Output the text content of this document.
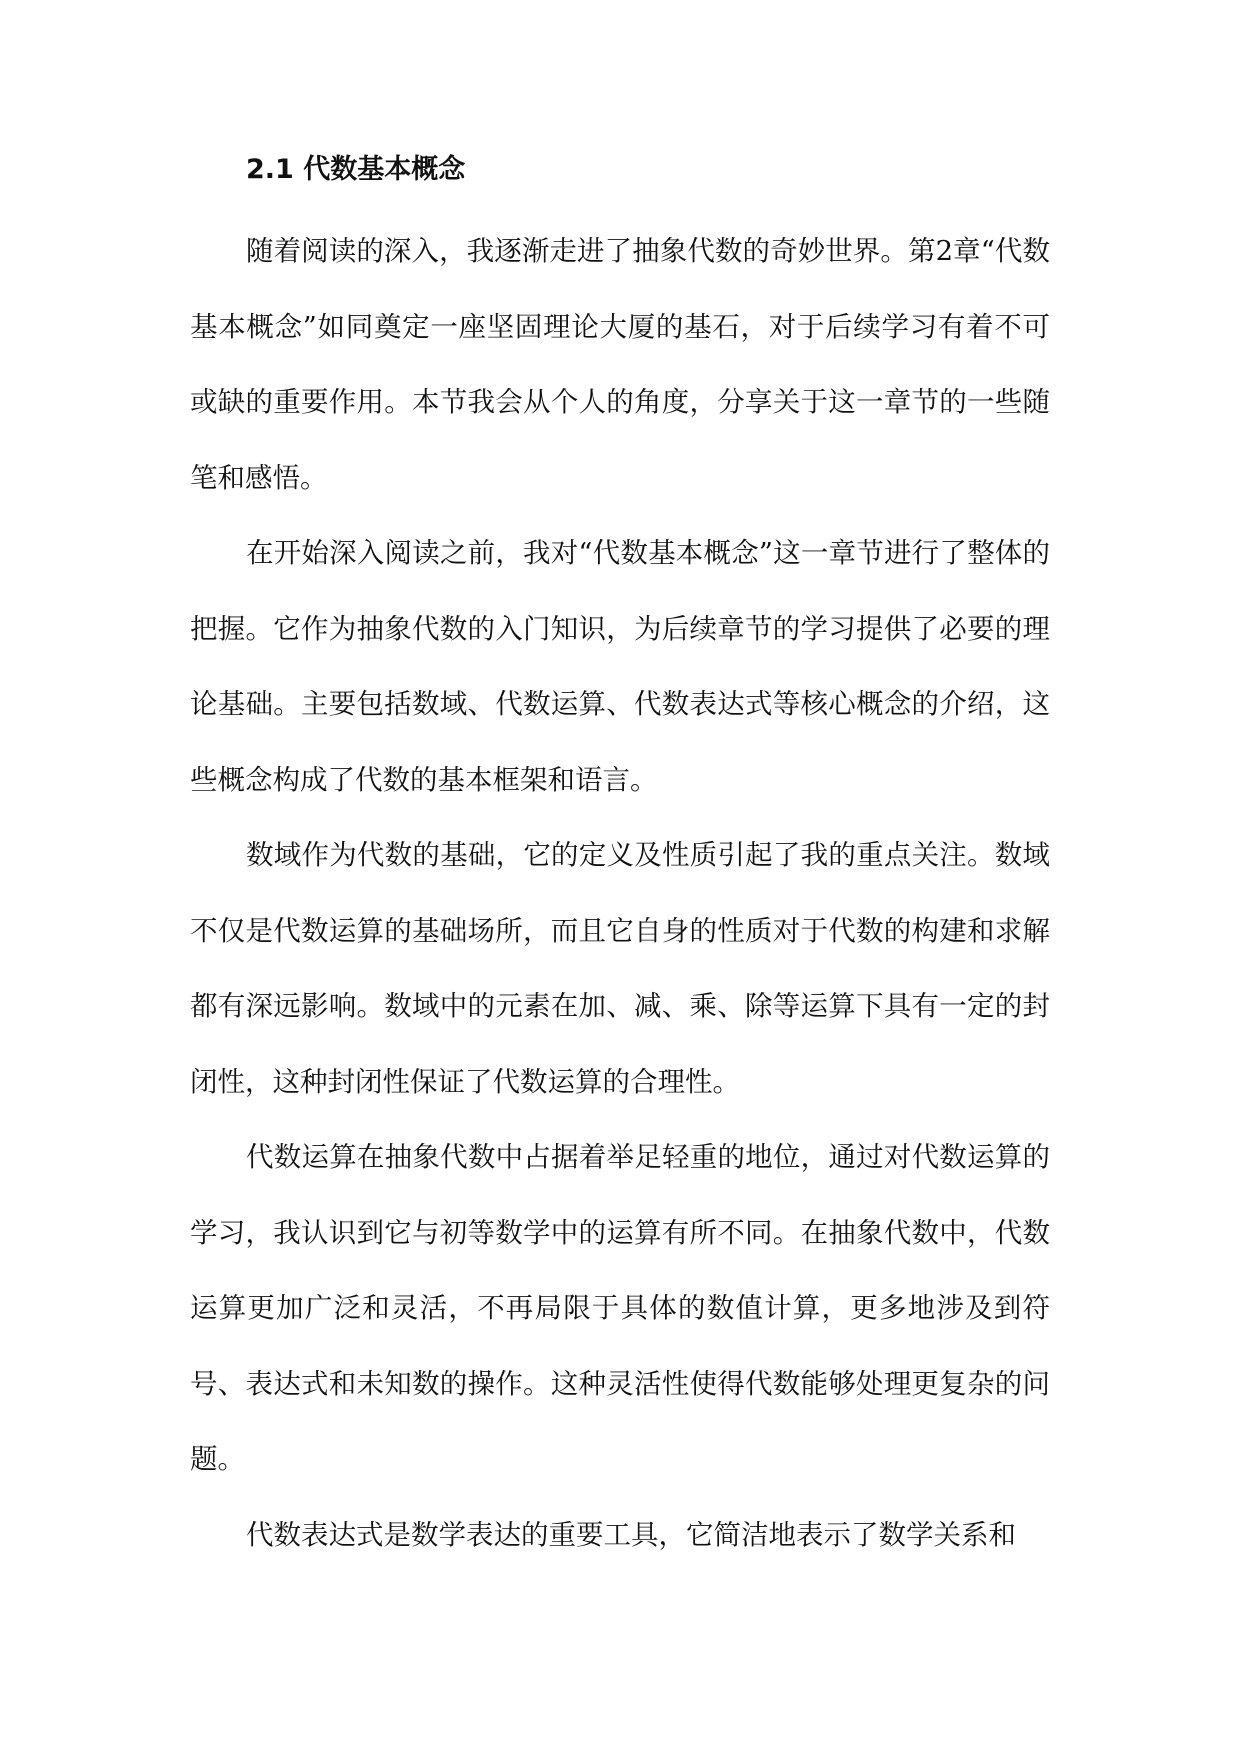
2.1 代数基本概念

随着阅读的深入，我逐渐走进了抽象代数的奇妙世界。第2章“代数基本概念”如同奠定一座坚固理论大厦的基石，对于后续学习有着不可或缺的重要作用。本节我会从个人的角度，分享关于这一章节的一些随笔和感悟。

在开始深入阅读之前，我对“代数基本概念”这一章节进行了整体的把握。它作为抽象代数的入门知识，为后续章节的学习提供了必要的理论基础。主要包括数域、代数运算、代数表达式等核心概念的介绍，这些概念构成了代数的基本框架和语言。

数域作为代数的基础，它的定义及性质引起了我的重点关注。数域不仅是代数运算的基础场所，而且它自身的性质对于代数的构建和求解都有深远影响。数域中的元素在加、减、乘、除等运算下具有一定的封闭性，这种封闭性保证了代数运算的合理性。

代数运算在抽象代数中占据着举足轻重的地位，通过对代数运算的学习，我认识到它与初等数学中的运算有所不同。在抽象代数中，代数运算更加广泛和灵活，不再局限于具体的数值计算，更多地涉及到符号、表达式和未知数的操作。这种灵活性使得代数能够处理更复杂的问题。

代数表达式是数学表达的重要工具，它简洁地表示了数学关系和
